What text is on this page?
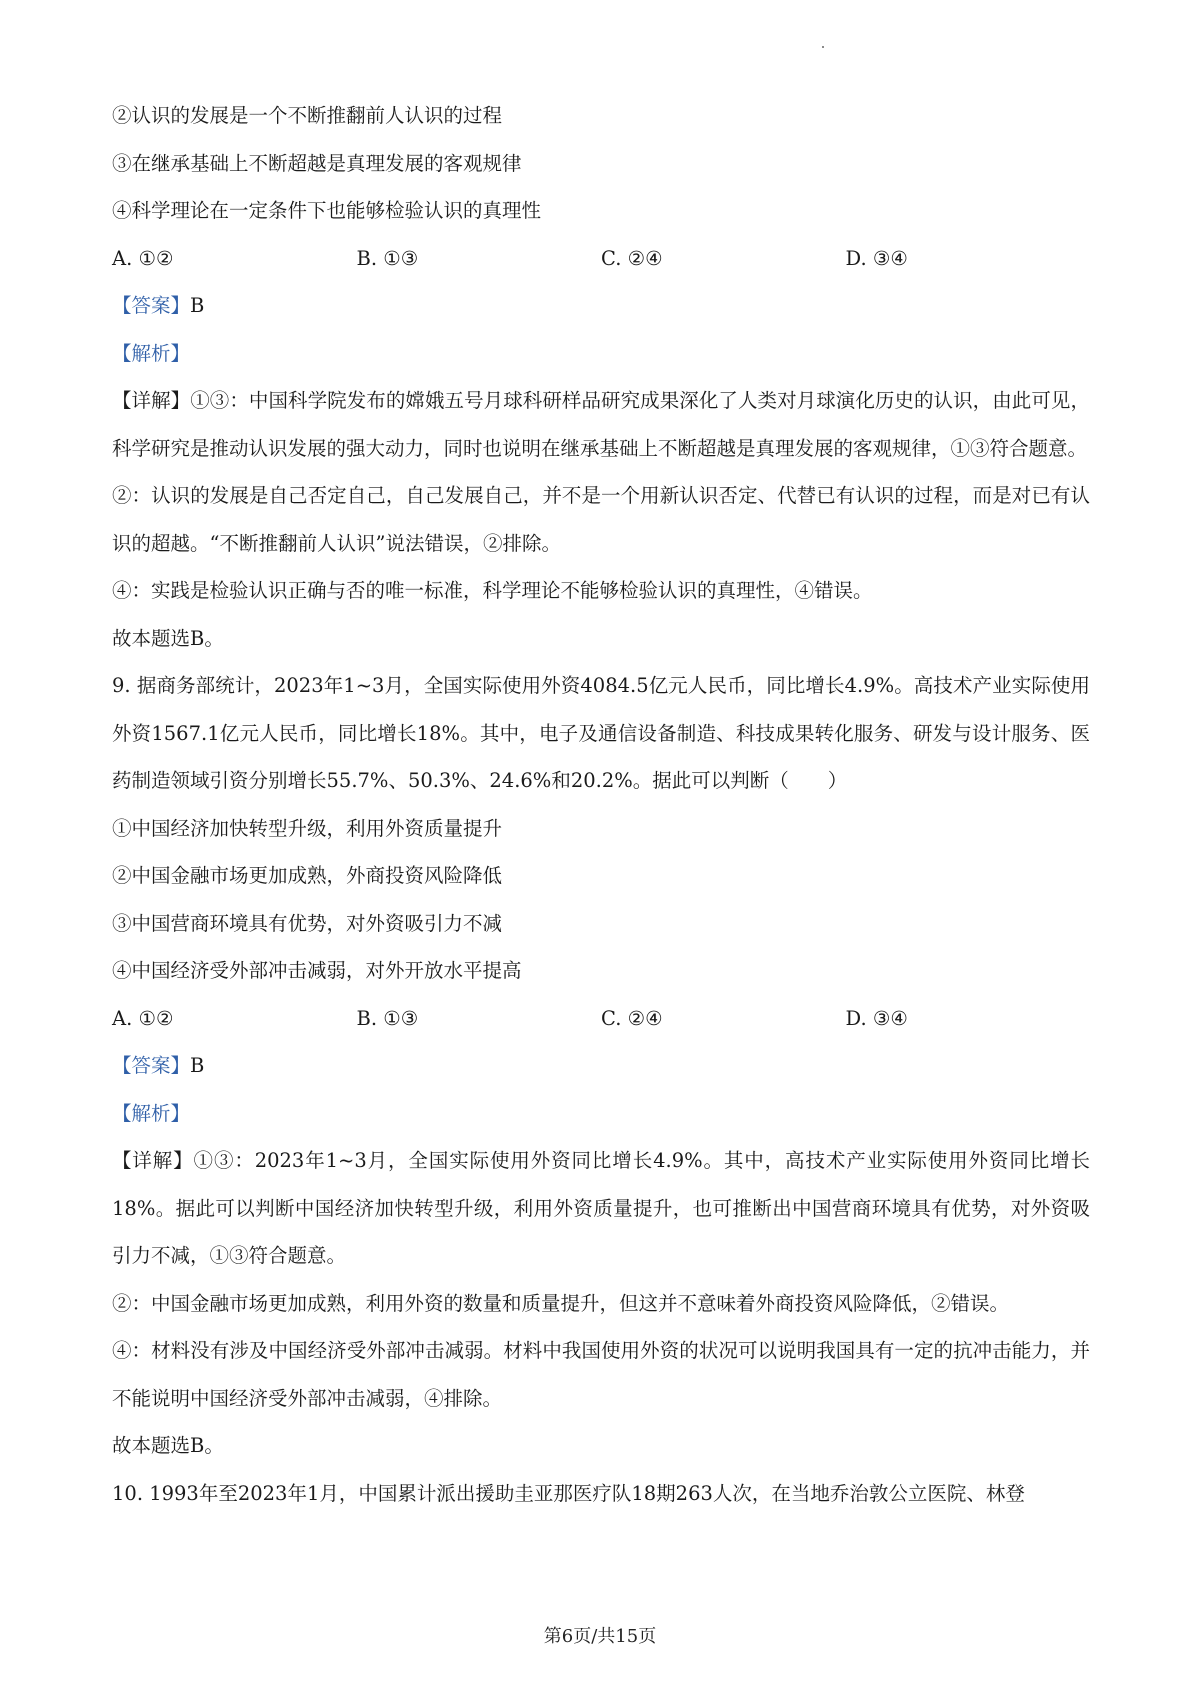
②认识的发展是一个不断推翻前人认识的过程

③在继承基础上不断超越是真理发展的客观规律

④科学理论在一定条件下也能够检验认识的真理性

A. ①②	B. ①③	C. ②④	D. ③④

【答案】B

【解析】

【详解】①③：中国科学院发布的嫦娥五号月球科研样品研究成果深化了人类对月球演化历史的认识，由此可见，科学研究是推动认识发展的强大动力，同时也说明在继承基础上不断超越是真理发展的客观规律，①③符合题意。

②：认识的发展是自己否定自己，自己发展自己，并不是一个用新认识否定、代替已有认识的过程，而是对已有认识的超越。“不断推翻前人认识”说法错误，②排除。

④：实践是检验认识正确与否的唯一标准，科学理论不能够检验认识的真理性，④错误。

故本题选B。

9. 据商务部统计，2023年1~3月，全国实际使用外资4084.5亿元人民币，同比增长4.9%。高技术产业实际使用外资1567.1亿元人民币，同比增长18%。其中，电子及通信设备制造、科技成果转化服务、研发与设计服务、医药制造领域引资分别增长55.7%、50.3%、24.6%和20.2%。据此可以判断（　　）

①中国经济加快转型升级，利用外资质量提升

②中国金融市场更加成熟，外商投资风险降低

③中国营商环境具有优势，对外资吸引力不减

④中国经济受外部冲击减弱，对外开放水平提高

A. ①②	B. ①③	C. ②④	D. ③④

【答案】B

【解析】

【详解】①③：2023年1~3月，全国实际使用外资同比增长4.9%。其中，高技术产业实际使用外资同比增长18%。据此可以判断中国经济加快转型升级，利用外资质量提升，也可推断出中国营商环境具有优势，对外资吸引力不减，①③符合题意。

②：中国金融市场更加成熟，利用外资的数量和质量提升，但这并不意味着外商投资风险降低，②错误。

④：材料没有涉及中国经济受外部冲击减弱。材料中我国使用外资的状况可以说明我国具有一定的抗冲击能力，并不能说明中国经济受外部冲击减弱，④排除。

故本题选B。

10. 1993年至2023年1月，中国累计派出援助圭亚那医疗队18期263人次，在当地乔治敦公立医院、林登

第6页/共15页
